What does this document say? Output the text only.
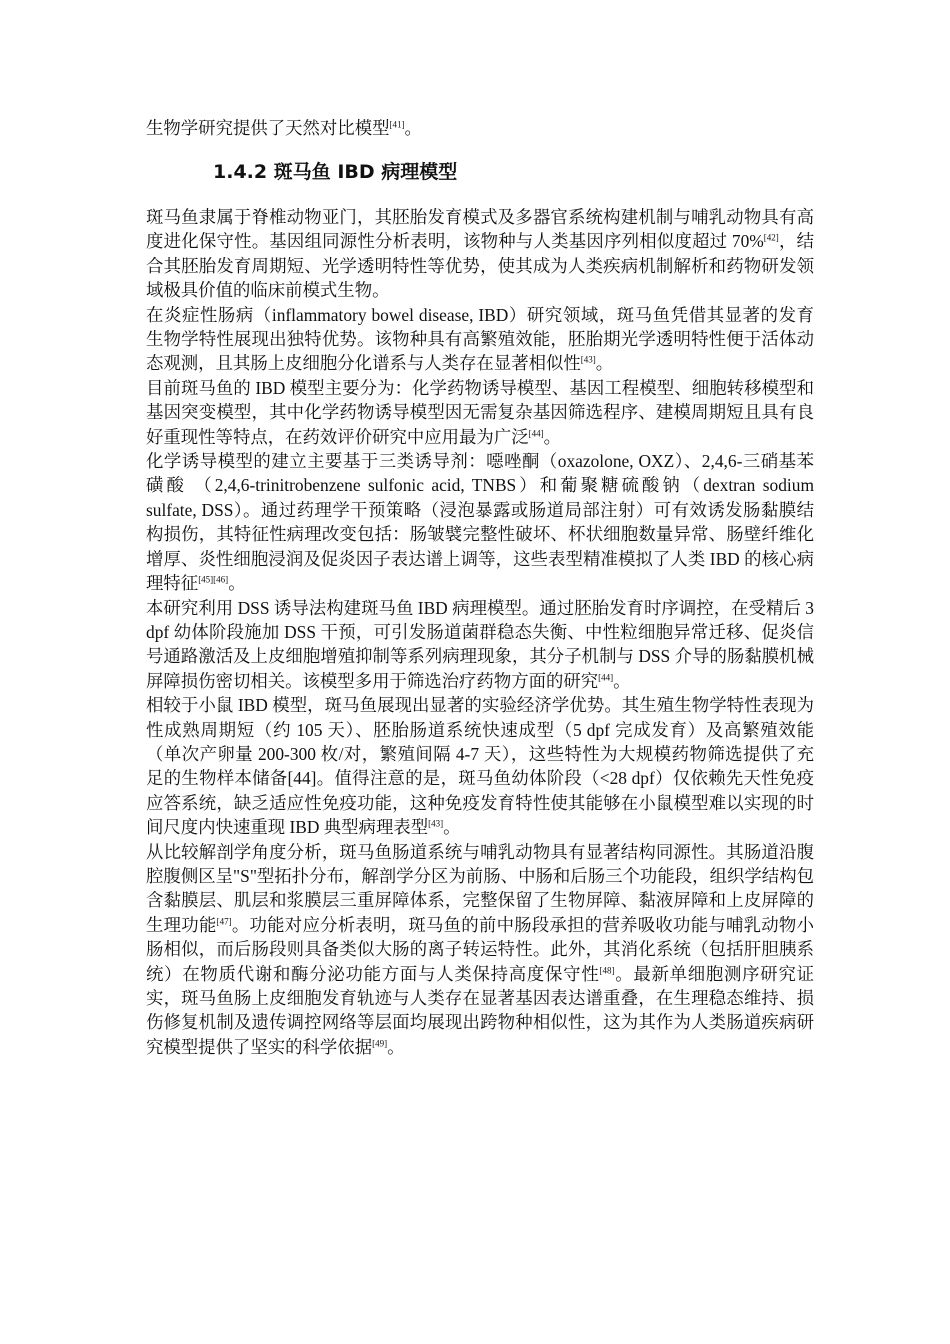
生物学研究提供了天然对比模型[41]。

1.4.2 斑马鱼 IBD 病理模型

斑马鱼隶属于脊椎动物亚门，其胚胎发育模式及多器官系统构建机制与哺乳动物具有高度进化保守性。基因组同源性分析表明，该物种与人类基因序列相似度超过 70%[42]，结合其胚胎发育周期短、光学透明特性等优势，使其成为人类疾病机制解析和药物研发领域极具价值的临床前模式生物。

在炎症性肠病（inflammatory bowel disease, IBD）研究领域，斑马鱼凭借其显著的发育生物学特性展现出独特优势。该物种具有高繁殖效能，胚胎期光学透明特性便于活体动态观测，且其肠上皮细胞分化谱系与人类存在显著相似性[43]。

目前斑马鱼的 IBD 模型主要分为：化学药物诱导模型、基因工程模型、细胞转移模型和基因突变模型，其中化学药物诱导模型因无需复杂基因筛选程序、建模周期短且具有良好重现性等特点，在药效评价研究中应用最为广泛[44]。

化学诱导模型的建立主要基于三类诱导剂：噁唑酮（oxazolone, OXZ）、2,4,6-三硝基苯磺酸 （2,4,6-trinitrobenzene sulfonic acid, TNBS）和葡聚糖硫酸钠（dextran sodium sulfate, DSS）。通过药理学干预策略（浸泡暴露或肠道局部注射）可有效诱发肠黏膜结构损伤，其特征性病理改变包括：肠皱襞完整性破坏、杯状细胞数量异常、肠壁纤维化增厚、炎性细胞浸润及促炎因子表达谱上调等，这些表型精准模拟了人类 IBD 的核心病理特征[45][46]。

本研究利用 DSS 诱导法构建斑马鱼 IBD 病理模型。通过胚胎发育时序调控，在受精后 3 dpf 幼体阶段施加 DSS 干预，可引发肠道菌群稳态失衡、中性粒细胞异常迁移、促炎信号通路激活及上皮细胞增殖抑制等系列病理现象，其分子机制与 DSS 介导的肠黏膜机械屏障损伤密切相关。该模型多用于筛选治疗药物方面的研究[44]。

相较于小鼠 IBD 模型，斑马鱼展现出显著的实验经济学优势。其生殖生物学特性表现为性成熟周期短（约 105 天）、胚胎肠道系统快速成型（5 dpf 完成发育）及高繁殖效能（单次产卵量 200-300 枚/对，繁殖间隔 4-7 天），这些特性为大规模药物筛选提供了充足的生物样本储备[44]。值得注意的是，斑马鱼幼体阶段（<28 dpf）仅依赖先天性免疫应答系统，缺乏适应性免疫功能，这种免疫发育特性使其能够在小鼠模型难以实现的时间尺度内快速重现 IBD 典型病理表型[43]。

从比较解剖学角度分析，斑马鱼肠道系统与哺乳动物具有显著结构同源性。其肠道沿腹腔腹侧区呈"S"型拓扑分布，解剖学分区为前肠、中肠和后肠三个功能段，组织学结构包含黏膜层、肌层和浆膜层三重屏障体系，完整保留了生物屏障、黏液屏障和上皮屏障的生理功能[47]。功能对应分析表明，斑马鱼的前中肠段承担的营养吸收功能与哺乳动物小肠相似，而后肠段则具备类似大肠的离子转运特性。此外，其消化系统（包括肝胆胰系统）在物质代谢和酶分泌功能方面与人类保持高度保守性[48]。最新单细胞测序研究证实，斑马鱼肠上皮细胞发育轨迹与人类存在显著基因表达谱重叠，在生理稳态维持、损伤修复机制及遗传调控网络等层面均展现出跨物种相似性，这为其作为人类肠道疾病研究模型提供了坚实的科学依据[49]。
